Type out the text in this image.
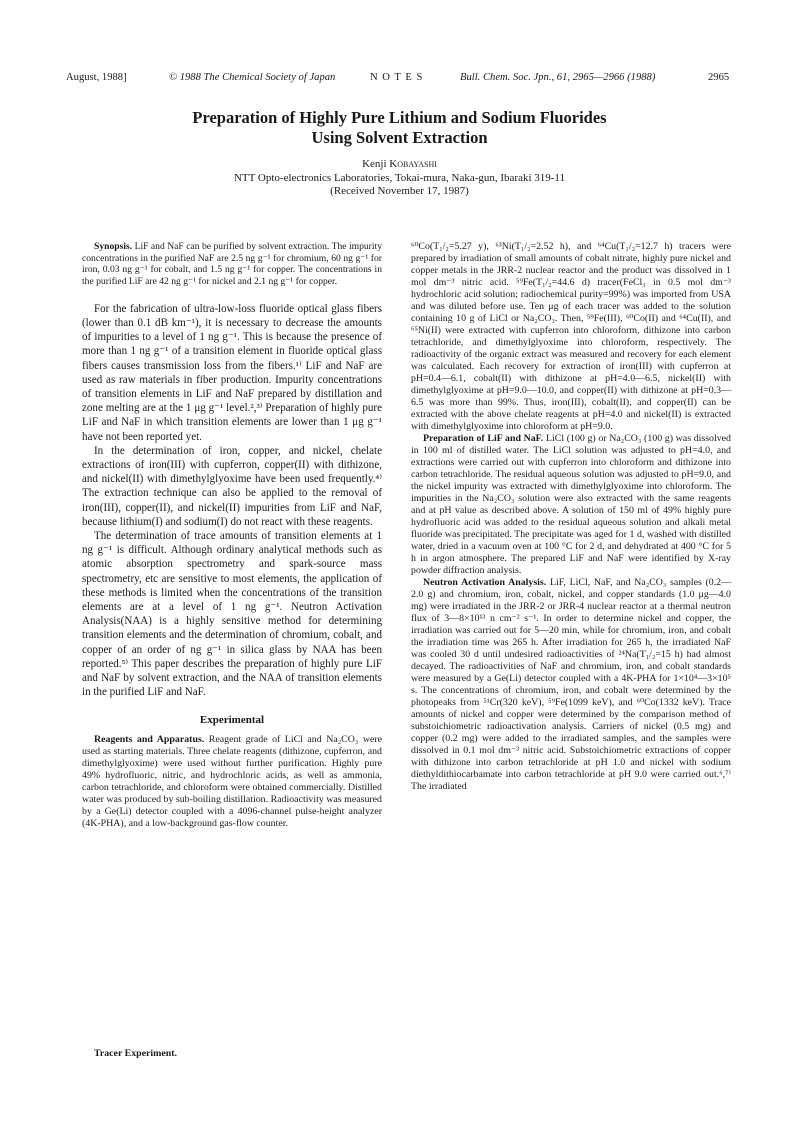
August, 1988]	© 1988 The Chemical Society of Japan	N O T E S	Bull. Chem. Soc. Jpn., 61, 2965—2966 (1988)	2965
Preparation of Highly Pure Lithium and Sodium Fluorides
Using Solvent Extraction
Kenji Kobayashi
NTT Opto-electronics Laboratories, Tokai-mura, Naka-gun, Ibaraki 319-11
(Received November 17, 1987)

Synopsis. LiF and NaF can be purified by solvent extraction. The impurity concentrations in the purified NaF are 2.5 ng g⁻¹ for chromium, 60 ng g⁻¹ for iron, 0.03 ng g⁻¹ for cobalt, and 1.5 ng g⁻¹ for copper. The concentrations in the purified LiF are 42 ng g⁻¹ for nickel and 2.1 ng g⁻¹ for copper.

For the fabrication of ultra-low-loss fluoride optical glass fibers (lower than 0.1 dB km⁻¹), it is necessary to decrease the amounts of impurities to a level of 1 ng g⁻¹. This is because the presence of more than 1 ng g⁻¹ of a transition element in fluoride optical glass fibers causes transmission loss from the fibers.¹⁾ LiF and NaF are used as raw materials in fiber production. Impurity concentrations of transition elements in LiF and NaF prepared by distillation and zone melting are at the 1 μg g⁻¹ level.²,³⁾ Preparation of highly pure LiF and NaF in which transition elements are lower than 1 μg g⁻¹ have not been reported yet.

In the determination of iron, copper, and nickel, chelate extractions of iron(III) with cupferron, copper(II) with dithizone, and nickel(II) with dimethylglyoxime have been used frequently.⁴⁾ The extraction technique can also be applied to the removal of iron(III), copper(II), and nickel(II) impurities from LiF and NaF, because lithium(I) and sodium(I) do not react with these reagents.

The determination of trace amounts of transition elements at 1 ng g⁻¹ is difficult. Although ordinary analytical methods such as atomic absorption spectrometry and spark-source mass spectrometry, etc are sensitive to most elements, the application of these methods is limited when the concentrations of the transition elements are at a level of 1 ng g⁻¹. Neutron Activation Analysis(NAA) is a highly sensitive method for determining transition elements and the determination of chromium, cobalt, and copper of an order of ng g⁻¹ in silica glass by NAA has been reported.⁵⁾ This paper describes the preparation of highly pure LiF and NaF by solvent extraction, and the NAA of transition elements in the purified LiF and NaF.

Experimental

Reagents and Apparatus. Reagent grade of LiCl and Na₂CO₃ were used as starting materials. Three chelate reagents (dithizone, cupferron, and dimethylglyoxime) were used without further purification. Highly pure 49% hydrofluoric, nitric, and hydrochloric acids, as well as ammonia, carbon tetrachloride, and chloroform were obtained commercially. Distilled water was produced by sub-boiling distillation. Radioactivity was measured by a Ge(Li) detector coupled with a 4096-channel pulse-height analyzer (4K-PHA), and a low-background gas-flow counter.

Tracer Experiment.

⁶⁰Co(T₁/₂=5.27 y), ⁶³Ni(T₁/₂=2.52 h), and ⁶⁴Cu(T₁/₂=12.7 h) tracers were prepared by irradiation of small amounts of cobalt nitrate, highly pure nickel and copper metals in the JRR-2 nuclear reactor and the product was dissolved in 1 mol dm⁻³ nitric acid. ⁵⁹Fe(T₁/₂=44.6 d) tracer(FeCl₃ in 0.5 mol dm⁻³ hydrochloric acid solution; radiochemical purity=99%) was imported from USA and was diluted before use. Ten μg of each tracer was added to the solution containing 10 g of LiCl or Na₂CO₃. Then, ⁵⁹Fe(III), ⁶⁰Co(II) and ⁶⁴Cu(II), and ⁶⁵Ni(II) were extracted with cupferron into chloroform, dithizone into carbon tetrachloride, and dimethylglyoxime into chloroform, respectively. The radioactivity of the organic extract was measured and recovery for each element was calculated. Each recovery for extraction of iron(III) with cupferron at pH=0.4—6.1, cobalt(II) with dithizone at pH=4.0—6.5, nickel(II) with dimethylglyoxime at pH=9.0—10.0, and copper(II) with dithizone at pH=0.3—6.5 was more than 99%. Thus, iron(III), cobalt(II), and copper(II) can be extracted with the above chelate reagents at pH=4.0 and nickel(II) is extracted with dimethylglyoxime into chloroform at pH=9.0.

Preparation of LiF and NaF. LiCl (100 g) or Na₂CO₃ (100 g) was dissolved in 100 ml of distilled water. The LiCl solution was adjusted to pH=4.0, and extractions were carried out with cupferron into chloroform and dithizone into carbon tetrachloride. The residual aqueous solution was adjusted to pH=9.0, and the nickel impurity was extracted with dimethylglyoxime into chloroform. The impurities in the Na₂CO₃ solution were also extracted with the same reagents and at pH value as described above. A solution of 150 ml of 49% highly pure hydrofluoric acid was added to the residual aqueous solution and alkali metal fluoride was precipitated. The precipitate was aged for 1 d, washed with distilled water, dried in a vacuum oven at 100 °C for 2 d, and dehydrated at 400 °C for 5 h in argon atmosphere. The prepared LiF and NaF were identified by X-ray powder diffraction analysis.

Neutron Activation Analysis. LiF, LiCl, NaF, and Na₂CO₃ samples (0.2—2.0 g) and chromium, iron, cobalt, nickel, and copper standards (1.0 μg—4.0 mg) were irradiated in the JRR-2 or JRR-4 nuclear reactor at a thermal neutron flux of 3—8×10¹³ n cm⁻² s⁻¹. In order to determine nickel and copper, the irradiation was carried out for 5—20 min, while for chromium, iron, and cobalt the irradiation time was 265 h. After irradiation for 265 h, the irradiated NaF was cooled 30 d until undesired radioactivities of ²⁴Na(T₁/₂=15 h) had almost decayed. The radioactivities of NaF and chromium, iron, and cobalt standards were measured by a Ge(Li) detector coupled with a 4K-PHA for 1×10⁴—3×10⁵ s. The concentrations of chromium, iron, and cobalt were determined by the photopeaks from ⁵¹Cr(320 keV), ⁵⁹Fe(1099 keV), and ⁶⁰Co(1332 keV). Trace amounts of nickel and copper were determined by the comparison method of substoichiometric radioactivation analysis. Carriers of nickel (0.5 mg) and copper (0.2 mg) were added to the irradiated samples, and the samples were dissolved in 0.1 mol dm⁻³ nitric acid. Substoichiometric extractions of copper with dithizone into carbon tetrachloride at pH 1.0 and nickel with sodium diethyldithiocarbamate into carbon tetrachloride at pH 9.0 were carried out.⁶,⁷⁾ The irradiated
